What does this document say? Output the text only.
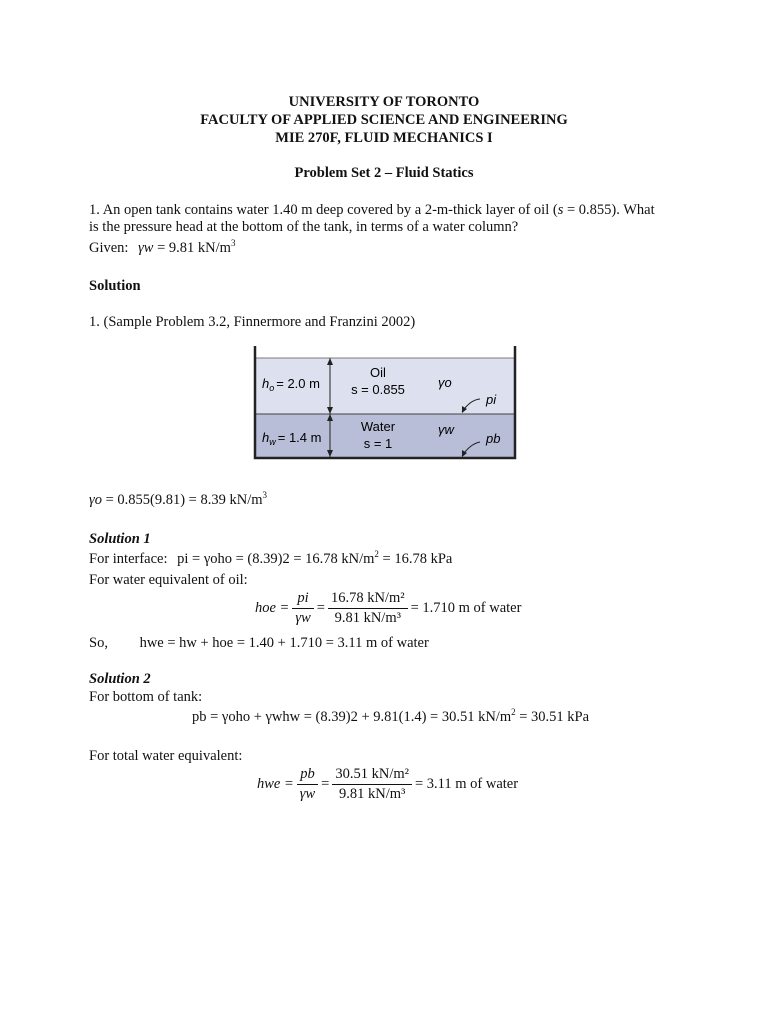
UNIVERSITY OF TORONTO
FACULTY OF APPLIED SCIENCE AND ENGINEERING
MIE 270F, FLUID MECHANICS I
Problem Set 2 – Fluid Statics
1. An open tank contains water 1.40 m deep covered by a 2-m-thick layer of oil (s = 0.855). What
is the pressure head at the bottom of the tank, in terms of a water column?
Given: γw = 9.81 $kN/m^3$
Solution
1. (Sample Problem 3.2, Finnermore and Franzini 2002)
$h_o = 2.0$ m
$h_w = 1.4$ m
Oil
s = 0.855
Water
s = 1
γo
γw
pi
pb
γo = 0.855(9.81) = 8.39 $kN/m^3$
Solution 1
For interface: pi = γoho = (8.39)2 = 16.78 $kN/m^2 = 16.78$ kPa
For water equivalent of oil:
hoe = $\frac{pi}{\gamma w} = \frac{\text{16.78 kN/m²}}{\text{9.81 kN/m³}} = 1.710$ m of water
So, hwe = hw + hoe = 1.40 + 1.710 = 3.11 m of water
Solution 2
For bottom of tank:
pb = γoho + γwhw = (8.39)2 + 9.81(1.4) = 30.51 $kN/m^2 = 30.51$ kPa
For total water equivalent:
hwe = $\frac{pb}{\gamma w} = \frac{\text{30.51 kN/m²}}{\text{9.81 kN/m³}} = 3.11$ m of water
